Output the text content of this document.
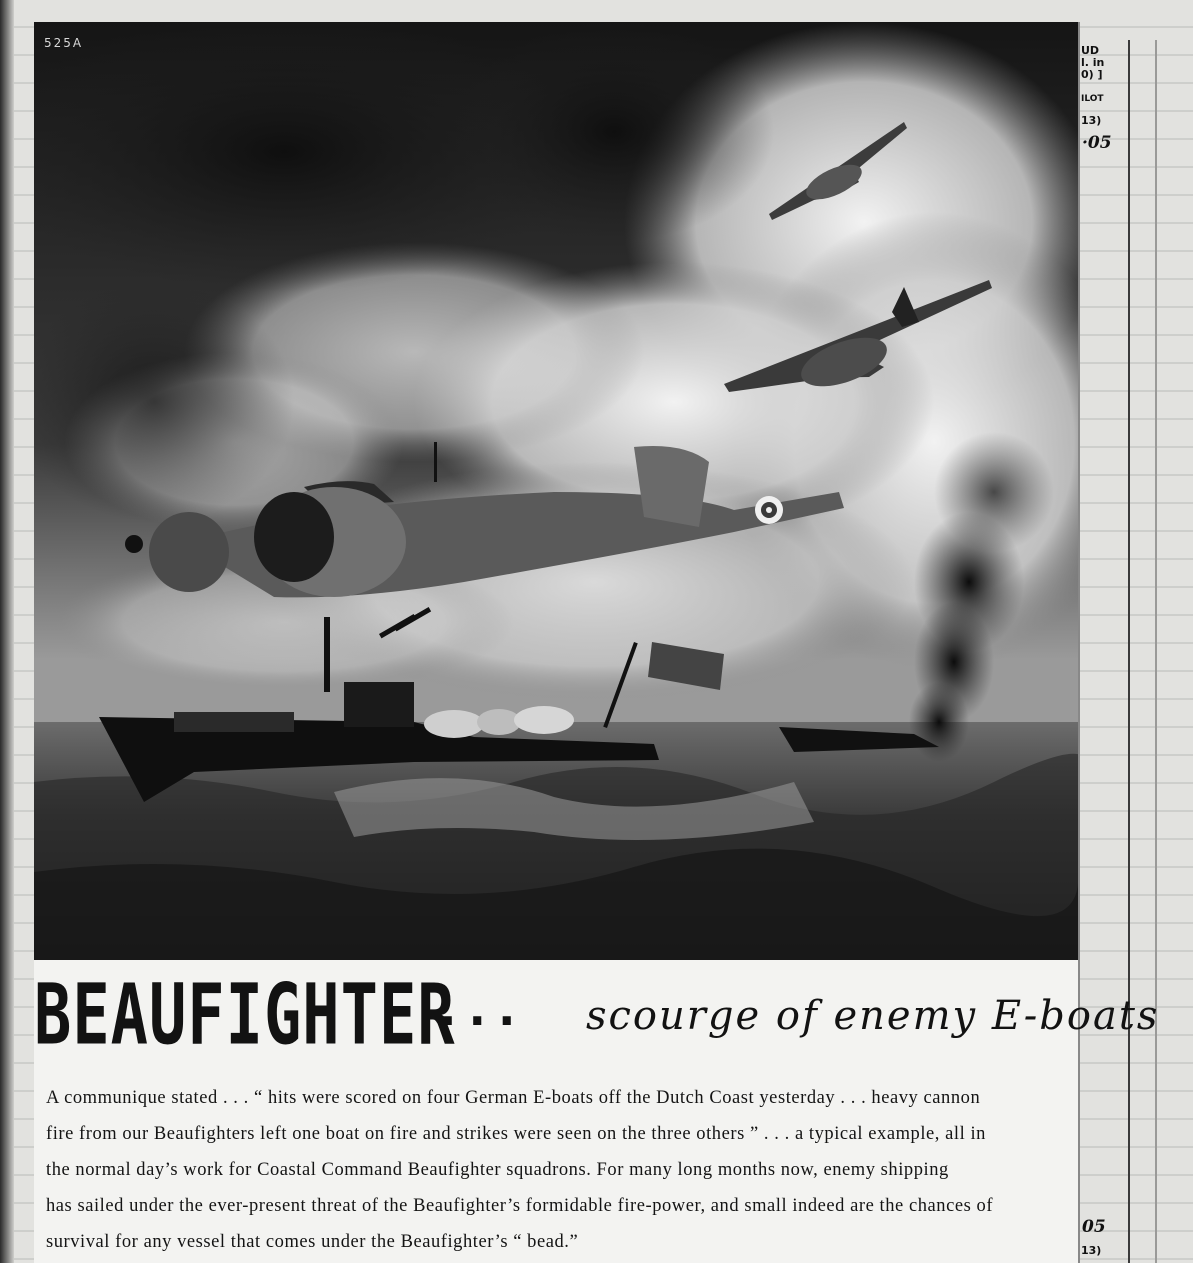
UD
l. in
0) ]
ILOT
13)
·05
05
13)
525A
BEAUFIGHTER
... scourge of enemy E-boats
A communique stated . . . “ hits were scored on four German E-boats off the Dutch Coast yesterday . . . heavy cannon
fire from our Beaufighters left one boat on fire and strikes were seen on the three others ” . . . a typical example, all in
the normal day’s work for Coastal Command Beaufighter squadrons. For many long months now, enemy shipping
has sailed under the ever-present threat of the Beaufighter’s formidable fire-power, and small indeed are the chances of
survival for any vessel that comes under the Beaufighter’s “ bead.”
